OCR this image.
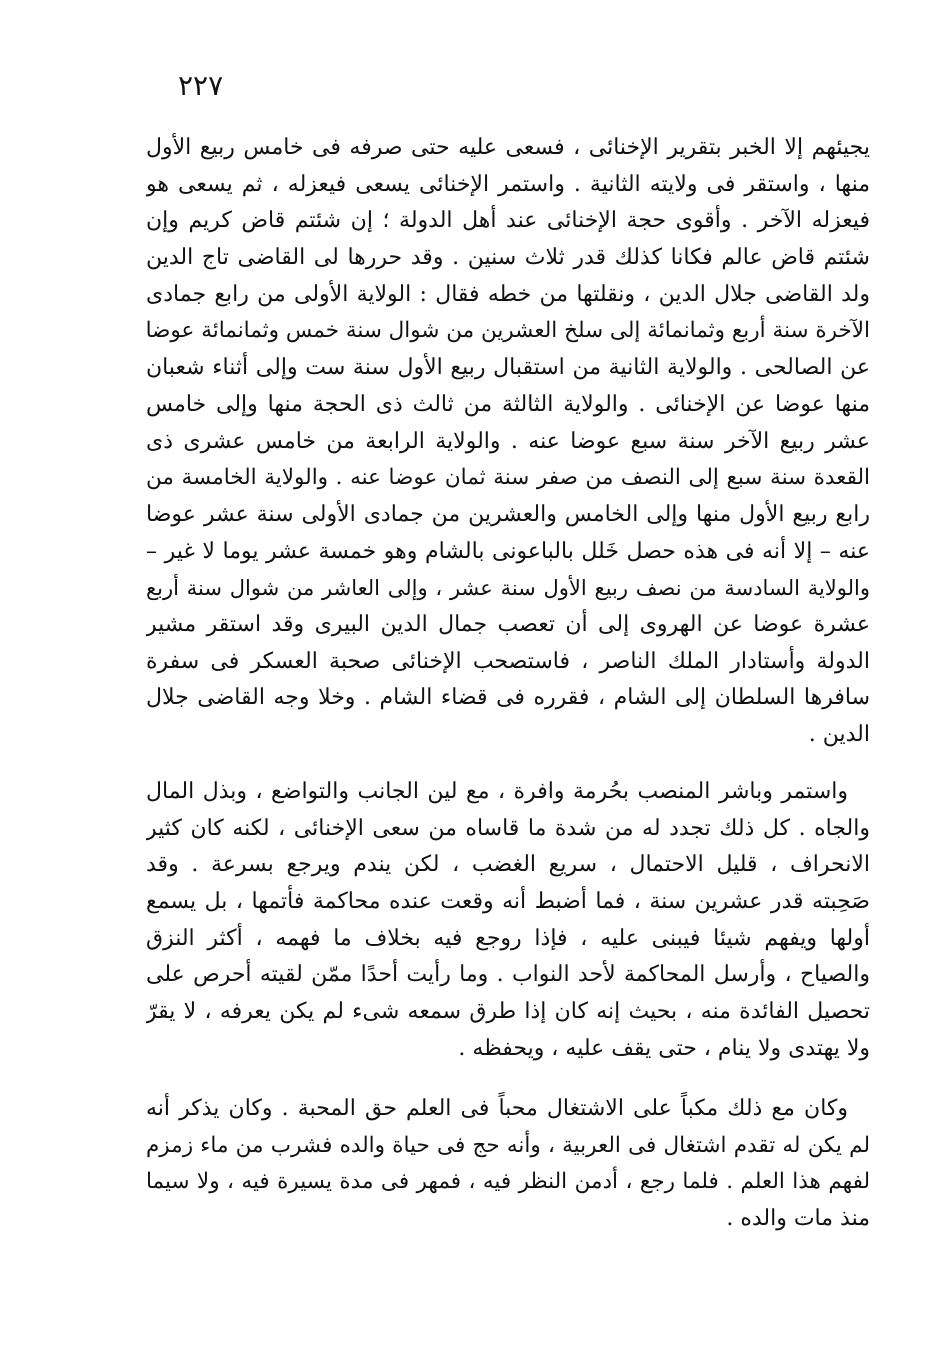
٢٢٧
يجيئهم إلا الخبر بتقرير الإخنائى ، فسعى عليه حتى صرفه فى خامس ربيع الأول
منها ، واستقر فى ولايته الثانية . واستمر الإخنائى يسعى فيعزله ، ثم يسعى هو
فيعزله الآخر . وأقوى حجة الإخنائى عند أهل الدولة ؛ إن شئتم قاض كريم وإن
شئتم قاض عالم فكانا كذلك قدر ثلاث سنين . وقد حررها لى القاضى تاج الدين
ولد القاضى جلال الدين ، ونقلتها من خطه فقال : الولاية الأولى من رابع جمادى
الآخرة سنة أربع وثمانمائة إلى سلخ العشرين من شوال سنة خمس وثمانمائة عوضا
عن الصالحى . والولاية الثانية من استقبال ربيع الأول سنة ست وإلى أثناء شعبان
منها عوضا عن الإخنائى . والولاية الثالثة من ثالث ذى الحجة منها وإلى خامس
عشر ربيع الآخر سنة سبع عوضا عنه . والولاية الرابعة من خامس عشرى ذى
القعدة سنة سبع إلى النصف من صفر سنة ثمان عوضا عنه . والولاية الخامسة من
رابع ربيع الأول منها وإلى الخامس والعشرين من جمادى الأولى سنة عشر عوضا
عنه – إلا أنه فى هذه حصل خَلل بالباعونى بالشام وهو خمسة عشر يوما لا غير –
والولاية السادسة من نصف ربيع الأول سنة عشر ، وإلى العاشر من شوال سنة أربع
عشرة عوضا عن الهروى إلى أن تعصب جمال الدين البيرى وقد استقر مشير
الدولة وأستادار الملك الناصر ، فاستصحب الإخنائى صحبة العسكر فى سفرة
سافرها السلطان إلى الشام ، فقرره فى قضاء الشام . وخلا وجه القاضى جلال
الدين .
واستمر وباشر المنصب بحُرمة وافرة ، مع لين الجانب والتواضع ، وبذل المال
والجاه . كل ذلك تجدد له من شدة ما قاساه من سعى الإخنائى ، لكنه كان كثير
الانحراف ، قليل الاحتمال ، سريع الغضب ، لكن يندم ويرجع بسرعة . وقد
صَحِبته قدر عشرين سنة ، فما أضبط أنه وقعت عنده محاكمة فأتمها ، بل يسمع
أولها ويفهم شيئا فيبنى عليه ، فإذا روجع فيه بخلاف ما فهمه ، أكثر النزق
والصياح ، وأرسل المحاكمة لأحد النواب . وما رأيت أحدًا ممّن لقيته أحرص على
تحصيل الفائدة منه ، بحيث إنه كان إذا طرق سمعه شىء لم يكن يعرفه ، لا يقرّ
ولا يهتدى ولا ينام ، حتى يقف عليه ، ويحفظه .
وكان مع ذلك مكباً على الاشتغال محباً فى العلم حق المحبة . وكان يذكر أنه
لم يكن له تقدم اشتغال فى العربية ، وأنه حج فى حياة والده فشرب من ماء زمزم
لفهم هذا العلم . فلما رجع ، أدمن النظر فيه ، فمهر فى مدة يسيرة فيه ، ولا سيما
منذ مات والده .
